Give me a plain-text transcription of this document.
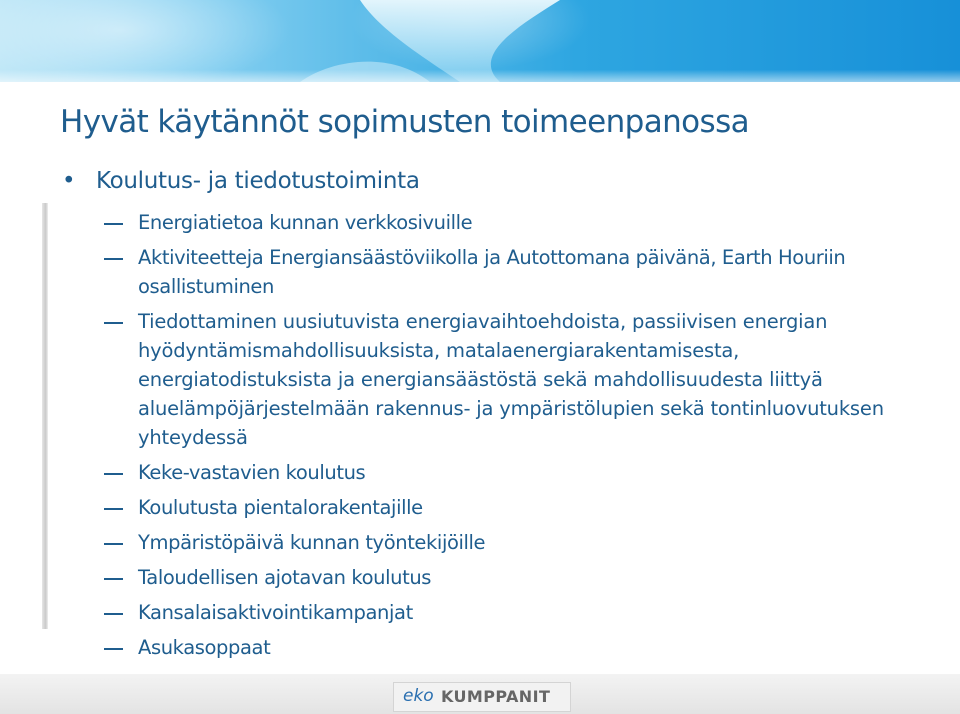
Hyvät käytännöt sopimusten toimeenpanossa
• Koulutus- ja tiedotustoiminta
Energiatietoa kunnan verkkosivuille
Aktiviteetteja Energiansäästöviikolla ja Autottomana päivänä, Earth Houriin osallistuminen
Tiedottaminen uusiutuvista energiavaihtoehdoista, passiivisen energian hyödyntämismahdollisuuksista, matalaenergiarakentamisesta, energiatodistuksista ja energiansäästöstä sekä mahdollisuudesta liittyä aluelämpöjärjestelmään rakennus- ja ympäristölupien sekä tontinluovutuksen yhteydessä
Keke-vastavien koulutus
Koulutusta pientalorakentajille
Ympäristöpäivä kunnan työntekijöille
Taloudellisen ajotavan koulutus
Kansalaisaktivointikampanjat
Asukasoppaat
eko KUMPPANIT
